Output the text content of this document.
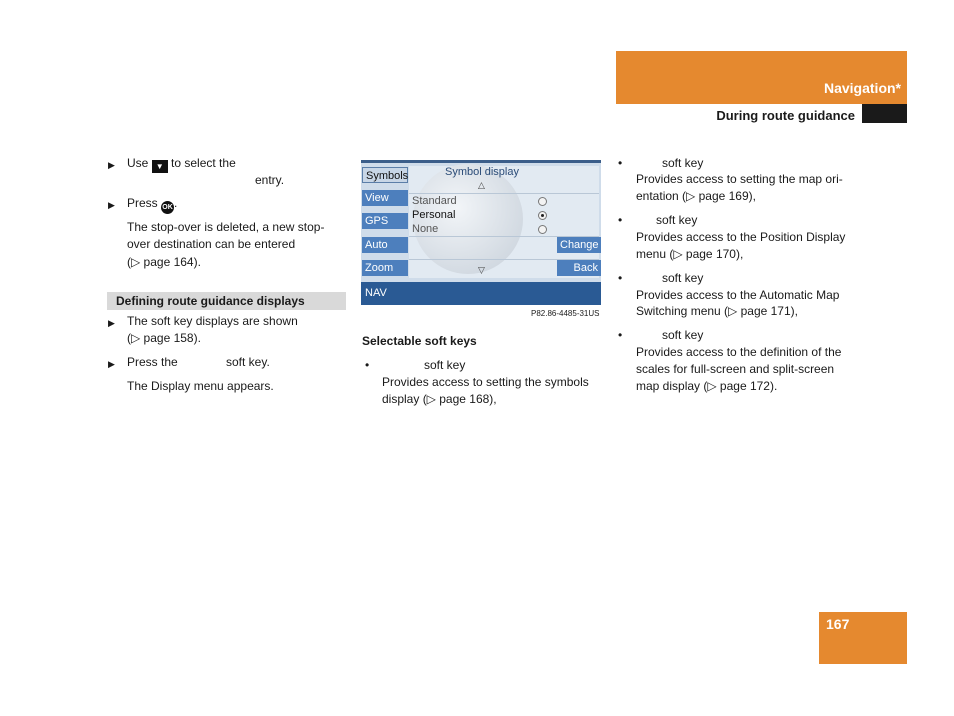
Navigation*
During route guidance
▶ Use ▼ to select the
entry.
▶ Press OK.
The stop-over is deleted, a new stop-
over destination can be entered
(▷ page 164).
Defining route guidance displays
▶ The soft key displays are shown
(▷ page 158).
▶ Press the	soft key.
The Display menu appears.
Symbols
View
GPS
Auto
Zoom
Symbol display
△
Standard
Personal
None
▽
Change
Back
NAV
P82.86-4485-31US
Selectable soft keys
•	soft key
Provides access to setting the symbols
display (▷ page 168),
•	soft key
Provides access to setting the map ori-
entation (▷ page 169),
•	soft key
Provides access to the Position Display
menu (▷ page 170),
•	soft key
Provides access to the Automatic Map
Switching menu (▷ page 171),
•	soft key
Provides access to the definition of the
scales for full-screen and split-screen
map display (▷ page 172).
167
